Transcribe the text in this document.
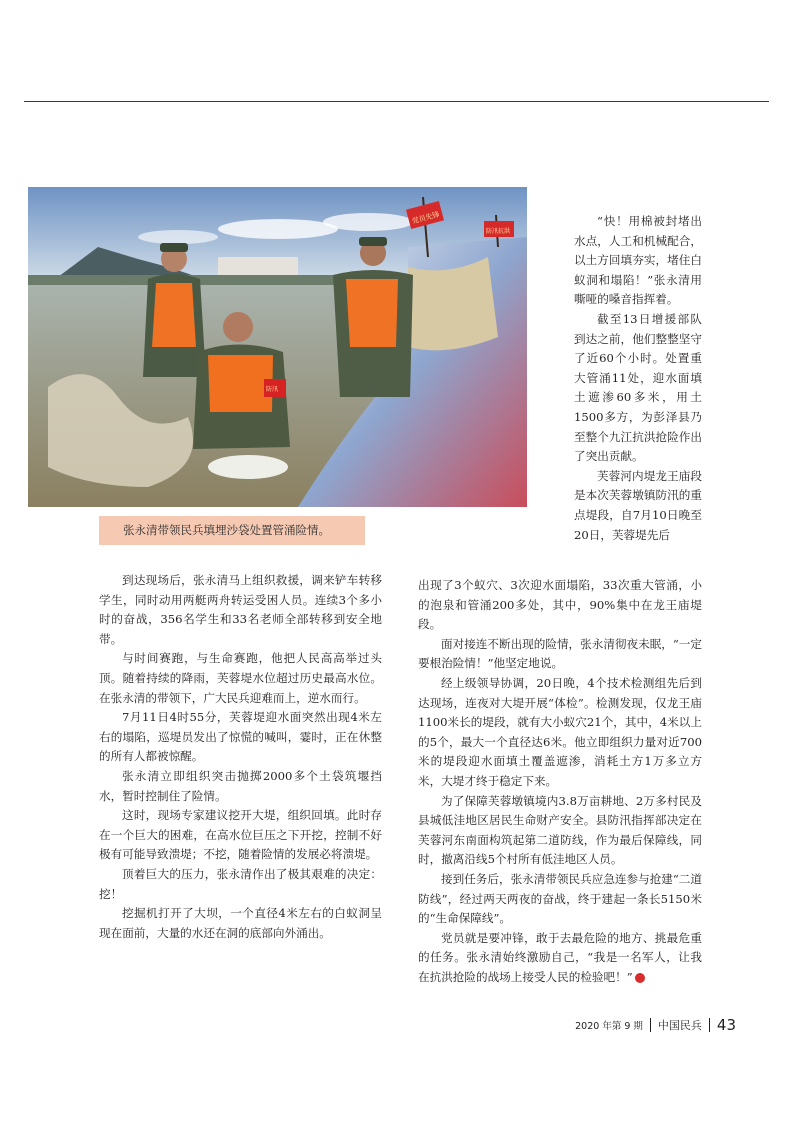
党员先锋
防汛抗洪
防汛
张永清带领民兵填埋沙袋处置管涌险情。

“快！用棉被封堵出水点，人工和机械配合，以土方回填夯实，堵住白蚁洞和塌陷！”张永清用嘶哑的嗓音指挥着。

截至13日增援部队到达之前，他们整整坚守了近60个小时。处置重大管涌11处，迎水面填土遮渗60多米，用土1500多方，为彭泽县乃至整个九江抗洪抢险作出了突出贡献。

芙蓉河内堤龙王庙段是本次芙蓉墩镇防汛的重点堤段，自7月10日晚至20日，芙蓉堤先后

到达现场后，张永清马上组织救援，调来铲车转移学生，同时动用两艇两舟转运受困人员。连续3个多小时的奋战，356名学生和33名老师全部转移到安全地带。

与时间赛跑，与生命赛跑，他把人民高高举过头顶。随着持续的降雨，芙蓉堤水位超过历史最高水位。在张永清的带领下，广大民兵迎难而上，逆水而行。

7月11日4时55分，芙蓉堤迎水面突然出现4米左右的塌陷，巡堤员发出了惊慌的喊叫，霎时，正在休整的所有人都被惊醒。

张永清立即组织突击抛掷2000多个土袋筑堰挡水，暂时控制住了险情。

这时，现场专家建议挖开大堤，组织回填。此时存在一个巨大的困难，在高水位巨压之下开挖，控制不好极有可能导致溃堤；不挖，随着险情的发展必将溃堤。

顶着巨大的压力，张永清作出了极其艰难的决定：挖！

挖掘机打开了大坝，一个直径4米左右的白蚁洞呈现在面前，大量的水还在洞的底部向外涌出。

出现了3个蚁穴、3次迎水面塌陷，33次重大管涌，小的泡泉和管涌200多处，其中，90%集中在龙王庙堤段。

面对接连不断出现的险情，张永清彻夜未眠，“一定要根治险情！”他坚定地说。

经上级领导协调，20日晚，4个技术检测组先后到达现场，连夜对大堤开展“体检”。检测发现，仅龙王庙1100米长的堤段，就有大小蚁穴21个，其中，4米以上的5个，最大一个直径达6米。他立即组织力量对近700米的堤段迎水面填土覆盖遮渗，消耗土方1万多立方米，大堤才终于稳定下来。

为了保障芙蓉墩镇境内3.8万亩耕地、2万多村民及县城低洼地区居民生命财产安全。县防汛指挥部决定在芙蓉河东南面构筑起第二道防线，作为最后保障线，同时，撤离沿线5个村所有低洼地区人员。

接到任务后，张永清带领民兵应急连参与抢建“二道防线”，经过两天两夜的奋战，终于建起一条长5150米的“生命保障线”。

党员就是要冲锋，敢于去最危险的地方、挑最危重的任务。张永清始终激励自己，“我是一名军人，让我在抗洪抢险的战场上接受人民的检验吧！”

2020 年第 9 期 中国民兵 43
